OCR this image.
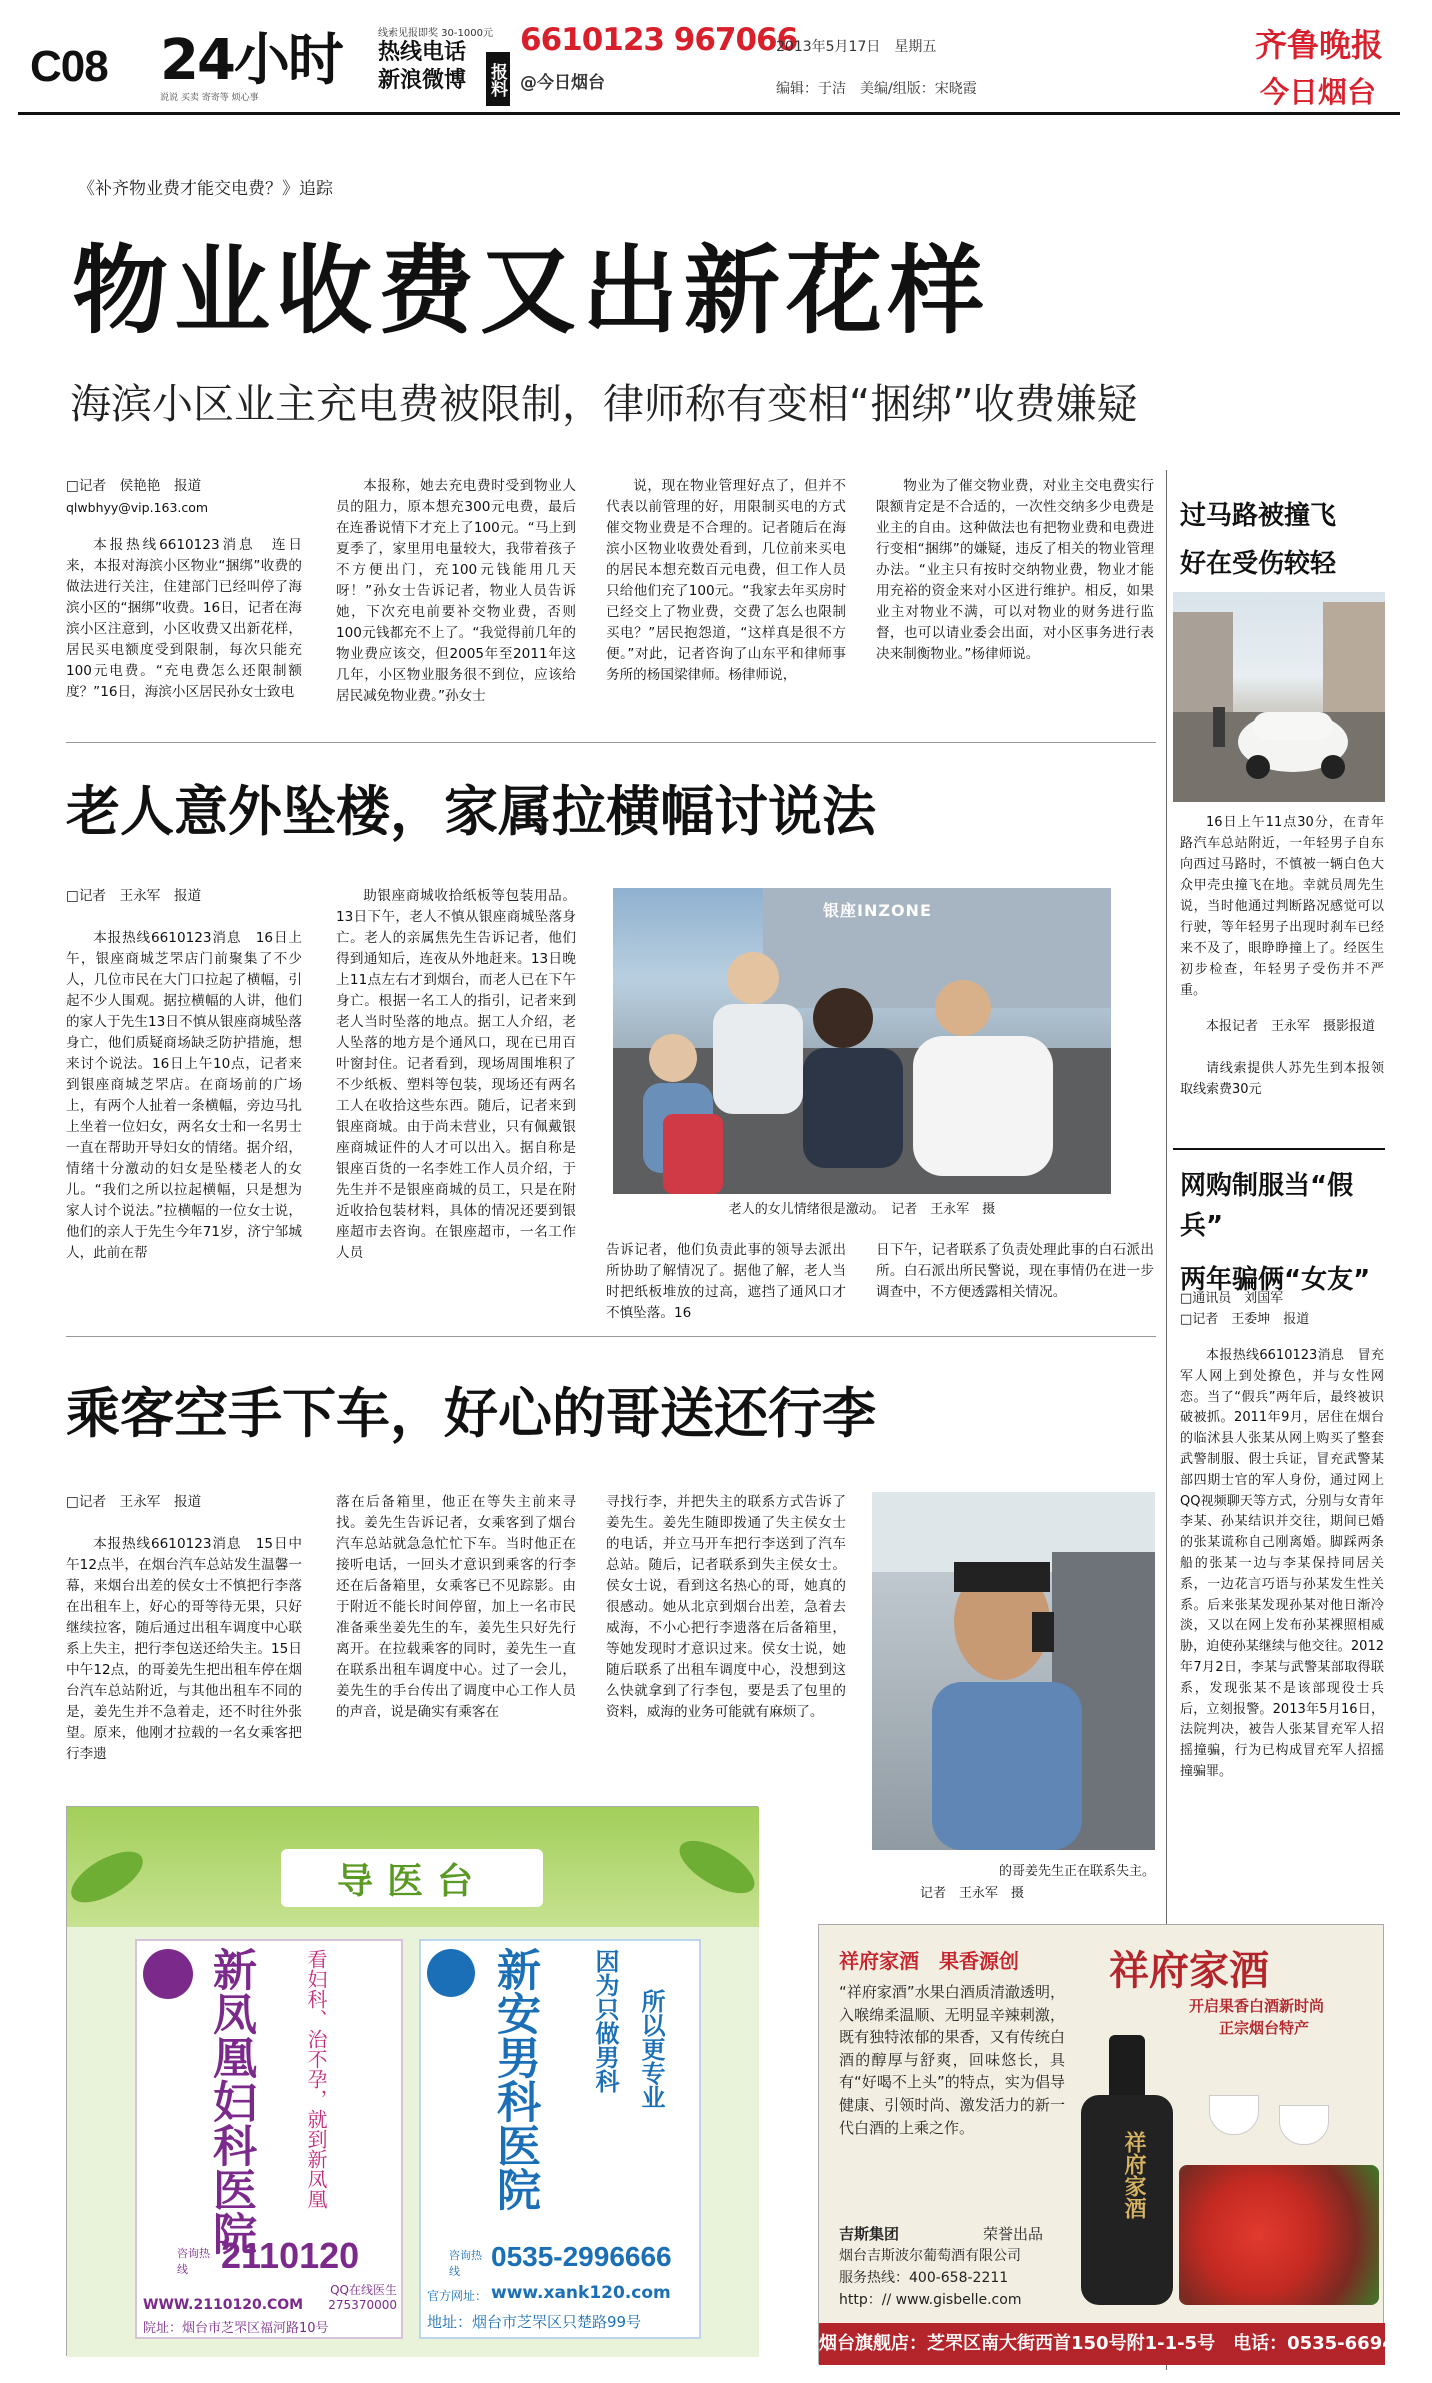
C08 24小时
说说 买卖 寄寄等 烦心事
线索见报即奖 30-1000元
热线电话
新浪微博	报料
6610123 967066
@今日烟台
2013年5月17日　星期五
编辑：于洁　美编/组版：宋晓霞
齐鲁晚报
今日烟台
《补齐物业费才能交电费？》追踪
物业收费又出新花样
海滨小区业主充电费被限制，律师称有变相“捆绑”收费嫌疑
□记者　侯艳艳　报道
qlwbhyy@vip.163.com

本报热线6610123消息　连日来，本报对海滨小区物业“捆绑”收费的做法进行关注，住建部门已经叫停了海滨小区的“捆绑”收费。16日，记者在海滨小区注意到，小区收费又出新花样，居民买电额度受到限制，每次只能充100元电费。“充电费怎么还限制额度？”16日，海滨小区居民孙女士致电

本报称，她去充电费时受到物业人员的阻力，原本想充300元电费，最后在连番说情下才充上了100元。“马上到夏季了，家里用电量较大，我带着孩子不方便出门，充100元钱能用几天呀！”孙女士告诉记者，物业人员告诉她，下次充电前要补交物业费，否则100元钱都充不上了。“我觉得前几年的物业费应该交，但2005年至2011年这几年，小区物业服务很不到位，应该给居民减免物业费。”孙女士

说，现在物业管理好点了，但并不代表以前管理的好，用限制买电的方式催交物业费是不合理的。记者随后在海滨小区物业收费处看到，几位前来买电的居民本想充数百元电费，但工作人员只给他们充了100元。“我家去年买房时已经交上了物业费，交费了怎么也限制买电？”居民抱怨道，“这样真是很不方便。”对此，记者咨询了山东平和律师事务所的杨国梁律师。杨律师说，

物业为了催交物业费，对业主交电费实行限额肯定是不合适的，一次性交纳多少电费是业主的自由。这种做法也有把物业费和电费进行变相“捆绑”的嫌疑，违反了相关的物业管理办法。“业主只有按时交纳物业费，物业才能用充裕的资金来对小区进行维护。相反，如果业主对物业不满，可以对物业的财务进行监督，也可以请业委会出面，对小区事务进行表决来制衡物业。”杨律师说。

过马路被撞飞
好在受伤较轻

16日上午11点30分，在青年路汽车总站附近，一年轻男子自东向西过马路时，不慎被一辆白色大众甲壳虫撞飞在地。幸就员周先生说，当时他通过判断路况感觉可以行驶，等年轻男子出现时刹车已经来不及了，眼睁睁撞上了。经医生初步检查，年轻男子受伤并不严重。

本报记者　王永军　摄影报道

请线索提供人苏先生到本报领取线索费30元

网购制服当“假兵”
两年骗俩“女友”
□通讯员　刘国军
□记者　王委坤　报道

本报热线6610123消息　冒充军人网上到处撩色，并与女性网恋。当了“假兵”两年后，最终被识破被抓。2011年9月，居住在烟台的临沭县人张某从网上购买了整套武警制服、假士兵证，冒充武警某部四期士官的军人身份，通过网上QQ视频聊天等方式，分别与女青年李某、孙某结识并交往，期间已婚的张某谎称自己刚离婚。脚踩两条船的张某一边与李某保持同居关系，一边花言巧语与孙某发生性关系。后来张某发现孙某对他日渐冷淡，又以在网上发布孙某裸照相威胁，迫使孙某继续与他交往。2012年7月2日，李某与武警某部取得联系，发现张某不是该部现役士兵后，立刻报警。2013年5月16日，法院判决，被告人张某冒充军人招摇撞骗，行为已构成冒充军人招摇撞骗罪。

老人意外坠楼，家属拉横幅讨说法
□记者　王永军　报道

本报热线6610123消息　16日上午，银座商城芝罘店门前聚集了不少人，几位市民在大门口拉起了横幅，引起不少人围观。据拉横幅的人讲，他们的家人于先生13日不慎从银座商城坠落身亡，他们质疑商场缺乏防护措施，想来讨个说法。16日上午10点，记者来到银座商城芝罘店。在商场前的广场上，有两个人扯着一条横幅，旁边马扎上坐着一位妇女，两名女士和一名男士一直在帮助开导妇女的情绪。据介绍，情绪十分激动的妇女是坠楼老人的女儿。“我们之所以拉起横幅，只是想为家人讨个说法。”拉横幅的一位女士说，他们的亲人于先生今年71岁，济宁邹城人，此前在帮

助银座商城收拾纸板等包装用品。13日下午，老人不慎从银座商城坠落身亡。老人的亲属焦先生告诉记者，他们得到通知后，连夜从外地赶来。13日晚上11点左右才到烟台，而老人已在下午身亡。根据一名工人的指引，记者来到老人当时坠落的地点。据工人介绍，老人坠落的地方是个通风口，现在已用百叶窗封住。记者看到，现场周围堆积了不少纸板、塑料等包装，现场还有两名工人在收拾这些东西。随后，记者来到银座商城。由于尚未营业，只有佩戴银座商城证件的人才可以出入。据自称是银座百货的一名李姓工作人员介绍，于先生并不是银座商城的员工，只是在附近收拾包装材料，具体的情况还要到银座超市去咨询。在银座超市，一名工作人员

银座INZONE
老人的女儿情绪很是激动。　记者　王永军　摄

告诉记者，他们负责此事的领导去派出所协助了解情况了。据他了解，老人当时把纸板堆放的过高，遮挡了通风口才不慎坠落。16

日下午，记者联系了负责处理此事的白石派出所。白石派出所民警说，现在事情仍在进一步调查中，不方便透露相关情况。

乘客空手下车，好心的哥送还行李
□记者　王永军　报道

本报热线6610123消息　15日中午12点半，在烟台汽车总站发生温馨一幕，来烟台出差的侯女士不慎把行李落在出租车上，好心的哥等待无果，只好继续拉客，随后通过出租车调度中心联系上失主，把行李包送还给失主。15日中午12点，的哥姜先生把出租车停在烟台汽车总站附近，与其他出租车不同的是，姜先生并不急着走，还不时往外张望。原来，他刚才拉载的一名女乘客把行李遗

落在后备箱里，他正在等失主前来寻找。姜先生告诉记者，女乘客到了烟台汽车总站就急急忙忙下车。当时他正在接听电话，一回头才意识到乘客的行李还在后备箱里，女乘客已不见踪影。由于附近不能长时间停留，加上一名市民准备乘坐姜先生的车，姜先生只好先行离开。在拉载乘客的同时，姜先生一直在联系出租车调度中心。过了一会儿，姜先生的手台传出了调度中心工作人员的声音，说是确实有乘客在

寻找行李，并把失主的联系方式告诉了姜先生。姜先生随即拨通了失主侯女士的电话，并立马开车把行李送到了汽车总站。随后，记者联系到失主侯女士。侯女士说，看到这名热心的哥，她真的很感动。她从北京到烟台出差，急着去威海，不小心把行李遗落在后备箱里，等她发现时才意识过来。侯女士说，她随后联系了出租车调度中心，没想到这么快就拿到了行李包，要是丢了包里的资料，威海的业务可能就有麻烦了。

的哥姜先生正在联系失主。
记者　王永军　摄
导医台
新凤凰妇科医院 看妇科、治不孕，就到新凤凰
咨询热线 2110120
QQ在线医生 275370000
WWW.2110120.COM
院址：烟台市芝罘区福河路10号
新安男科医院 因为只做男科 所以更专业
咨询热线	0535-2996666
官方网址： www.xank120.com
地址：烟台市芝罘区只楚路99号
祥府家酒　果香源创 祥府家酒
开启果香白酒新时尚
正宗烟台特产
“祥府家酒”水果白酒质清澈透明，入喉绵柔温顺、无明显辛辣刺激，既有独特浓郁的果香，又有传统白酒的醇厚与舒爽，回味悠长，具有“好喝不上头”的特点，实为倡导健康、引领时尚、激发活力的新一代白酒的上乘之作。
祥府家酒
吉斯集团	荣誉出品
烟台吉斯波尔葡萄酒有限公司
服务热线：400-658-2211
http：// www.gisbelle.com
烟台旗舰店：芝罘区南大街西首150号附1-1-5号　电话：0535-6694999
